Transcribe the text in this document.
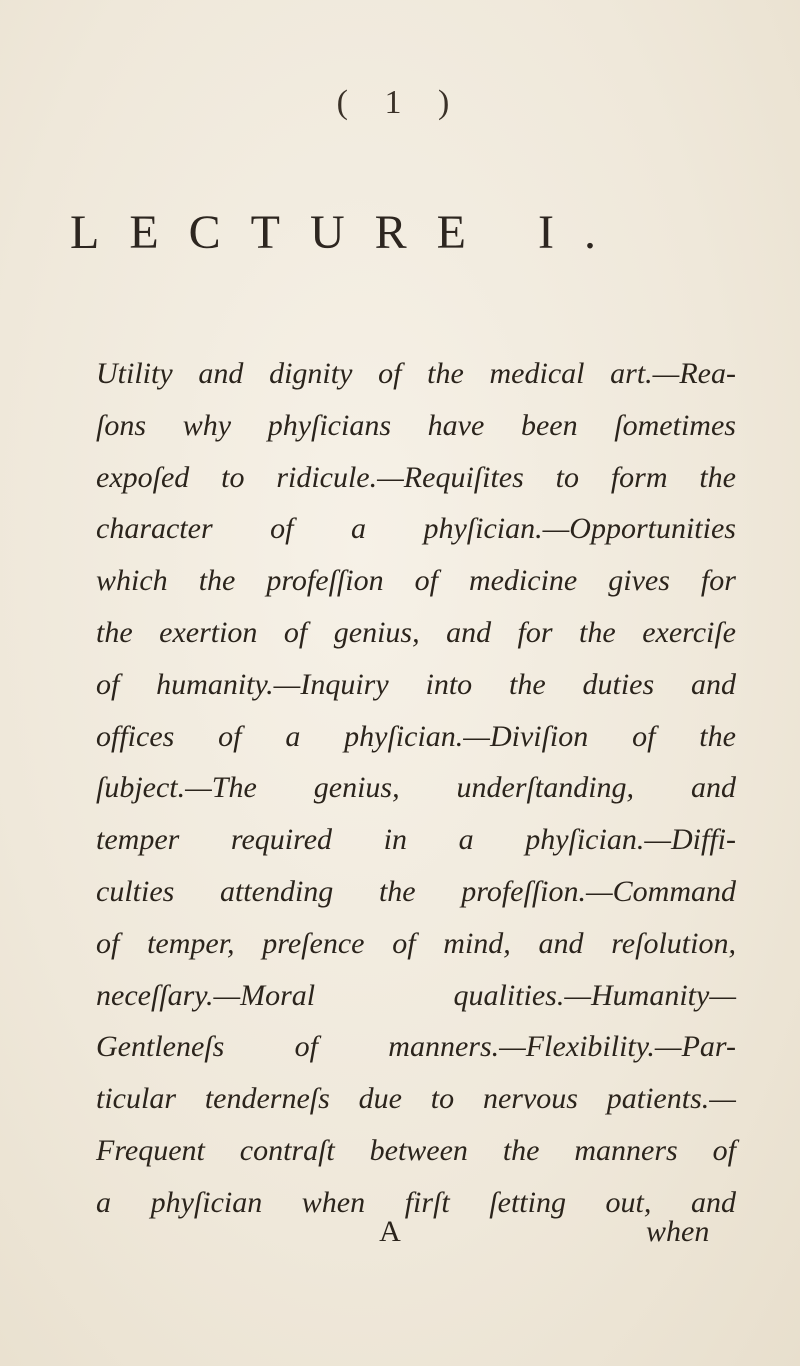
( 1 )
LECTURE I.
Utility and dignity of the medical art.—Rea-
ſons why phyſicians have been ſometimes
expoſed to ridicule.—Requiſites to form the
character of a phyſician.—Opportunities
which the profeſſion of medicine gives for
the exertion of genius, and for the exerciſe
of humanity.—Inquiry into the duties and
offices of a phyſician.—Diviſion of the
ſubject.—The genius, underſtanding, and
temper required in a phyſician.—Diffi-
culties attending the profeſſion.—Command
of temper, preſence of mind, and reſolution,
neceſſary.—Moral	qualities.—Humanity—
Gentleneſs of manners.—Flexibility.—Par-
ticular tenderneſs due to nervous patients.—
Frequent contraſt between the manners of
a phyſician when firſt ſetting out, and
A	when
